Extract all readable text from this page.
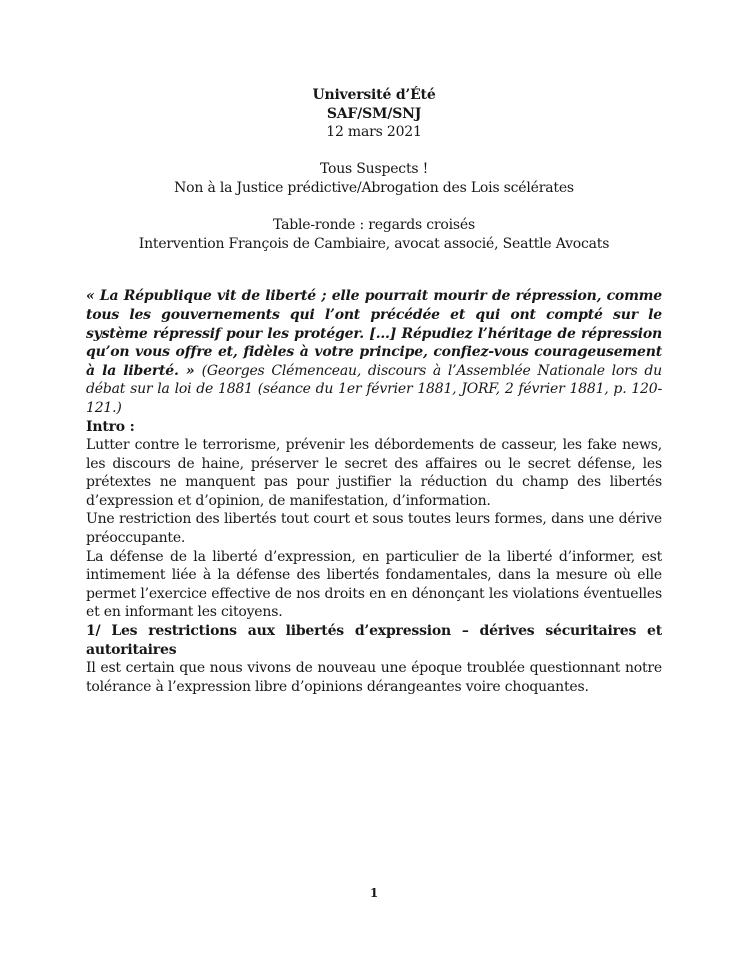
Université d’Été

SAF/SM/SNJ

12 mars 2021

Tous Suspects !

Non à la Justice prédictive/Abrogation des Lois scélérates

Table-ronde : regards croisés

Intervention François de Cambiaire, avocat associé, Seattle Avocats

« La République vit de liberté ; elle pourrait mourir de répression, comme tous les gouvernements qui l’ont précédée et qui ont compté sur le système répressif pour les protéger. [...] Répudiez l’héritage de répression qu’on vous offre et, fidèles à votre principe, confiez-vous courageusement à la liberté. » (Georges Clémenceau, discours à l’Assemblée Nationale lors du débat sur la loi de 1881 (séance du 1er février 1881, JORF, 2 février 1881, p. 120-121.)

Intro :

Lutter contre le terrorisme, prévenir les débordements de casseur, les fake news, les discours de haine, préserver le secret des affaires ou le secret défense, les prétextes ne manquent pas pour justifier la réduction du champ des libertés d’expression et d’opinion, de manifestation, d’information.

Une restriction des libertés tout court et sous toutes leurs formes, dans une dérive préoccupante.

La défense de la liberté d’expression, en particulier de la liberté d’informer, est intimement liée à la défense des libertés fondamentales, dans la mesure où elle permet l’exercice effective de nos droits en en dénonçant les violations éventuelles et en informant les citoyens.

1/ Les restrictions aux libertés d’expression – dérives sécuritaires et autoritaires

Il est certain que nous vivons de nouveau une époque troublée questionnant notre tolérance à l’expression libre d’opinions dérangeantes voire choquantes.

1
